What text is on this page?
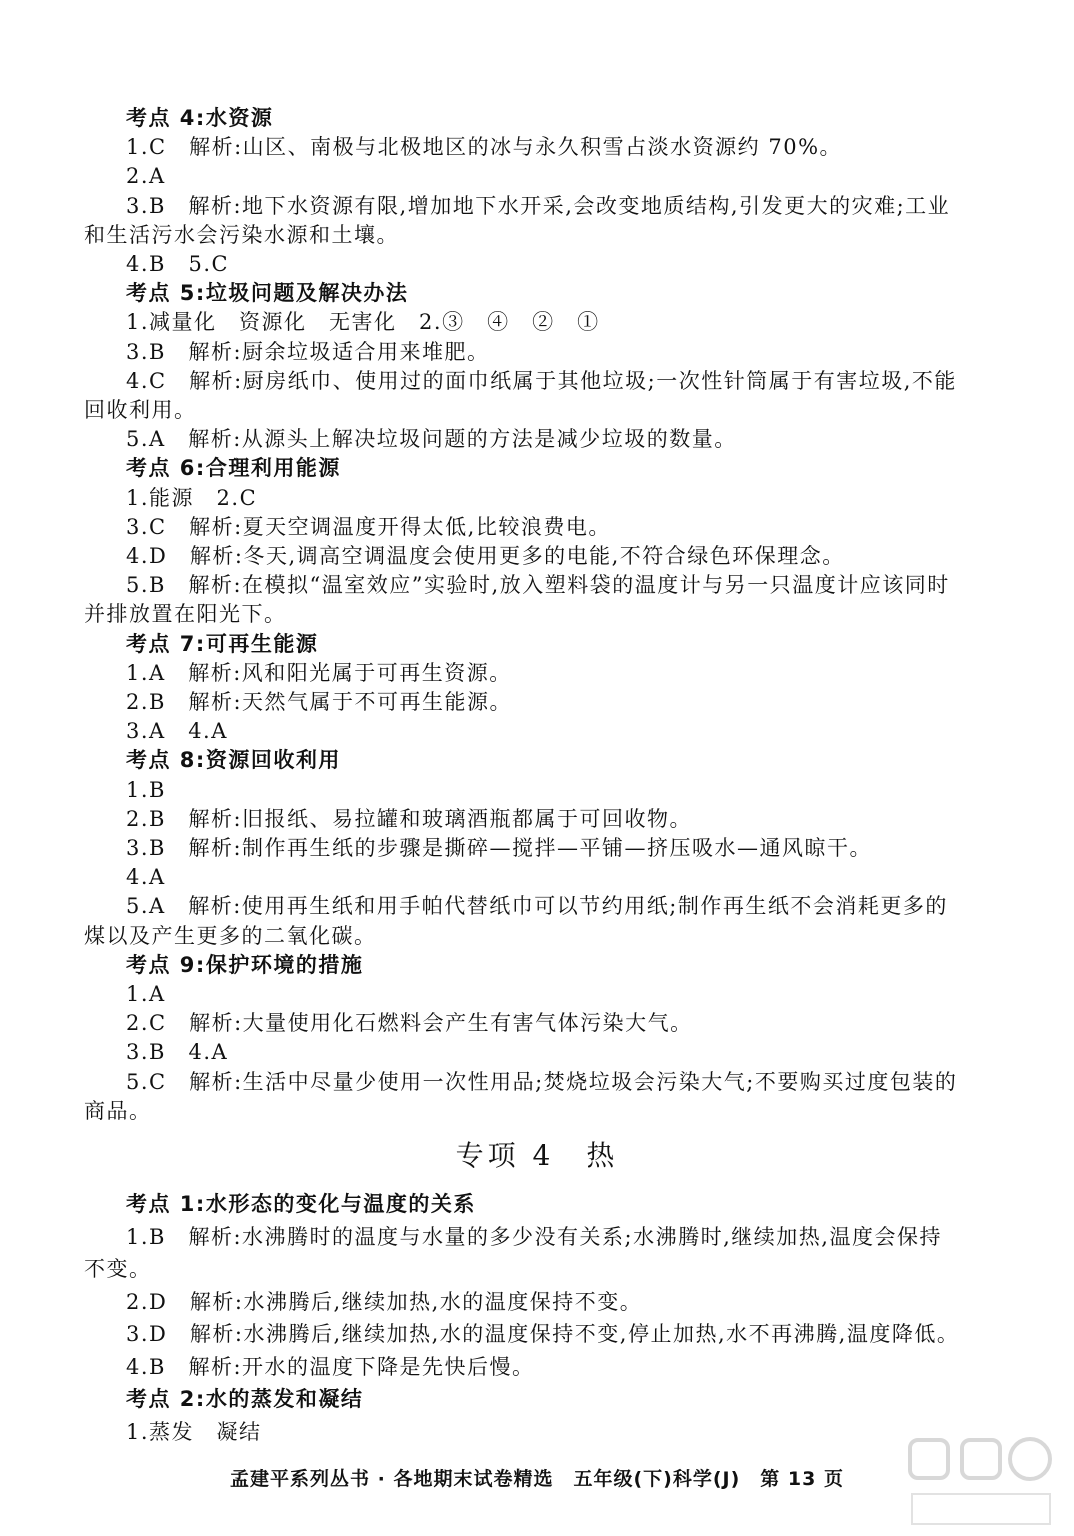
考点 4:水资源
1.C　解析:山区、南极与北极地区的冰与永久积雪占淡水资源约 70%。
2.A
3.B　解析:地下水资源有限,增加地下水开采,会改变地质结构,引发更大的灾难;工业
和生活污水会污染水源和土壤。
4.B　5.C
考点 5:垃圾问题及解决办法
1.减量化　资源化　无害化　2.③　④　②　①
3.B　解析:厨余垃圾适合用来堆肥。
4.C　解析:厨房纸巾、使用过的面巾纸属于其他垃圾;一次性针筒属于有害垃圾,不能
回收利用。
5.A　解析:从源头上解决垃圾问题的方法是减少垃圾的数量。
考点 6:合理利用能源
1.能源　2.C
3.C　解析:夏天空调温度开得太低,比较浪费电。
4.D　解析:冬天,调高空调温度会使用更多的电能,不符合绿色环保理念。
5.B　解析:在模拟“温室效应”实验时,放入塑料袋的温度计与另一只温度计应该同时
并排放置在阳光下。
考点 7:可再生能源
1.A　解析:风和阳光属于可再生资源。
2.B　解析:天然气属于不可再生能源。
3.A　4.A
考点 8:资源回收利用
1.B
2.B　解析:旧报纸、易拉罐和玻璃酒瓶都属于可回收物。
3.B　解析:制作再生纸的步骤是撕碎—搅拌—平铺—挤压吸水—通风晾干。
4.A
5.A　解析:使用再生纸和用手帕代替纸巾可以节约用纸;制作再生纸不会消耗更多的
煤以及产生更多的二氧化碳。
考点 9:保护环境的措施
1.A
2.C　解析:大量使用化石燃料会产生有害气体污染大气。
3.B　4.A
5.C　解析:生活中尽量少使用一次性用品;焚烧垃圾会污染大气;不要购买过度包装的
商品。
专项 4　热
考点 1:水形态的变化与温度的关系
1.B　解析:水沸腾时的温度与水量的多少没有关系;水沸腾时,继续加热,温度会保持
不变。
2.D　解析:水沸腾后,继续加热,水的温度保持不变。
3.D　解析:水沸腾后,继续加热,水的温度保持不变,停止加热,水不再沸腾,温度降低。
4.B　解析:开水的温度下降是先快后慢。
考点 2:水的蒸发和凝结
1.蒸发　凝结
孟建平系列丛书 · 各地期末试卷精选　五年级(下)科学(J)　第 13 页
